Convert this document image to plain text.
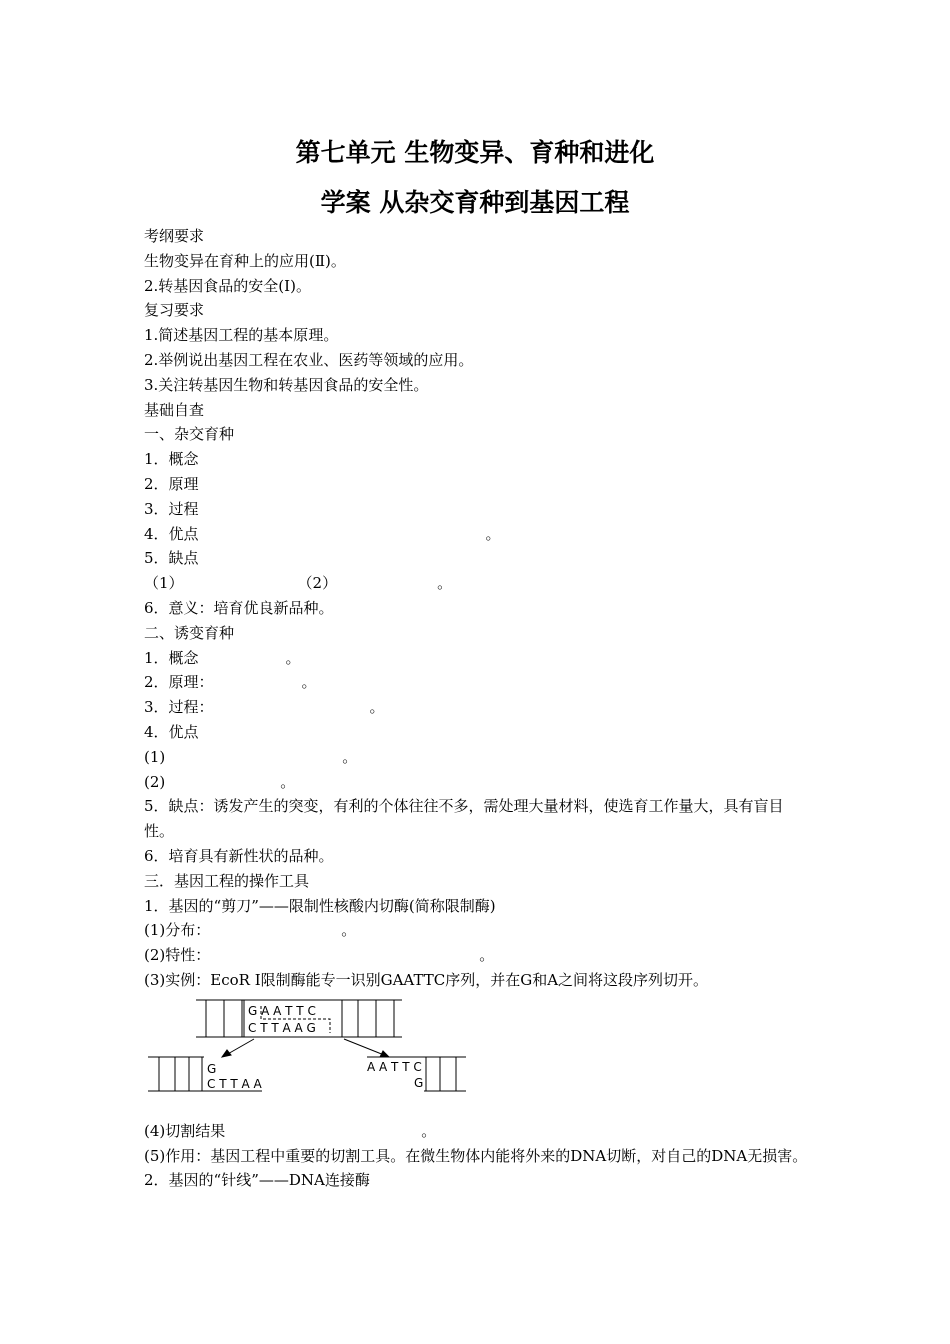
第七单元 生物变异、育种和进化
学案 从杂交育种到基因工程
考纲要求
生物变异在育种上的应用(Ⅱ)。
2.转基因食品的安全(Ⅰ)。
复习要求
1.简述基因工程的基本原理。
2.举例说出基因工程在农业、医药等领域的应用。
3.关注转基因生物和转基因食品的安全性。
基础自查
一、杂交育种
1．概念
2．原理
3．过程
4．优点	。
5．缺点
（1）	（2）	。
6．意义：培育优良新品种。
二、诱变育种
1．概念	。
2．原理：	。
3．过程：	。
4．优点
(1)	。
(2)	。
5．缺点：诱发产生的突变，有利的个体往往不多，需处理大量材料，使选育工作量大，具有盲目性。
6．培育具有新性状的品种。
三．基因工程的操作工具
1．基因的“剪刀”——限制性核酸内切酶(简称限制酶)
(1)分布：	。
(2)特性：	。
(3)实例：EcoR Ⅰ限制酶能专一识别GAATTC序列，并在G和A之间将这段序列切开。
G A A T T C
C T T A A G
G
C T T A A
A A T T C
G
(4)切割结果	。
(5)作用：基因工程中重要的切割工具。在微生物体内能将外来的DNA切断，对自己的DNA无损害。
2．基因的“针线”——DNA连接酶
